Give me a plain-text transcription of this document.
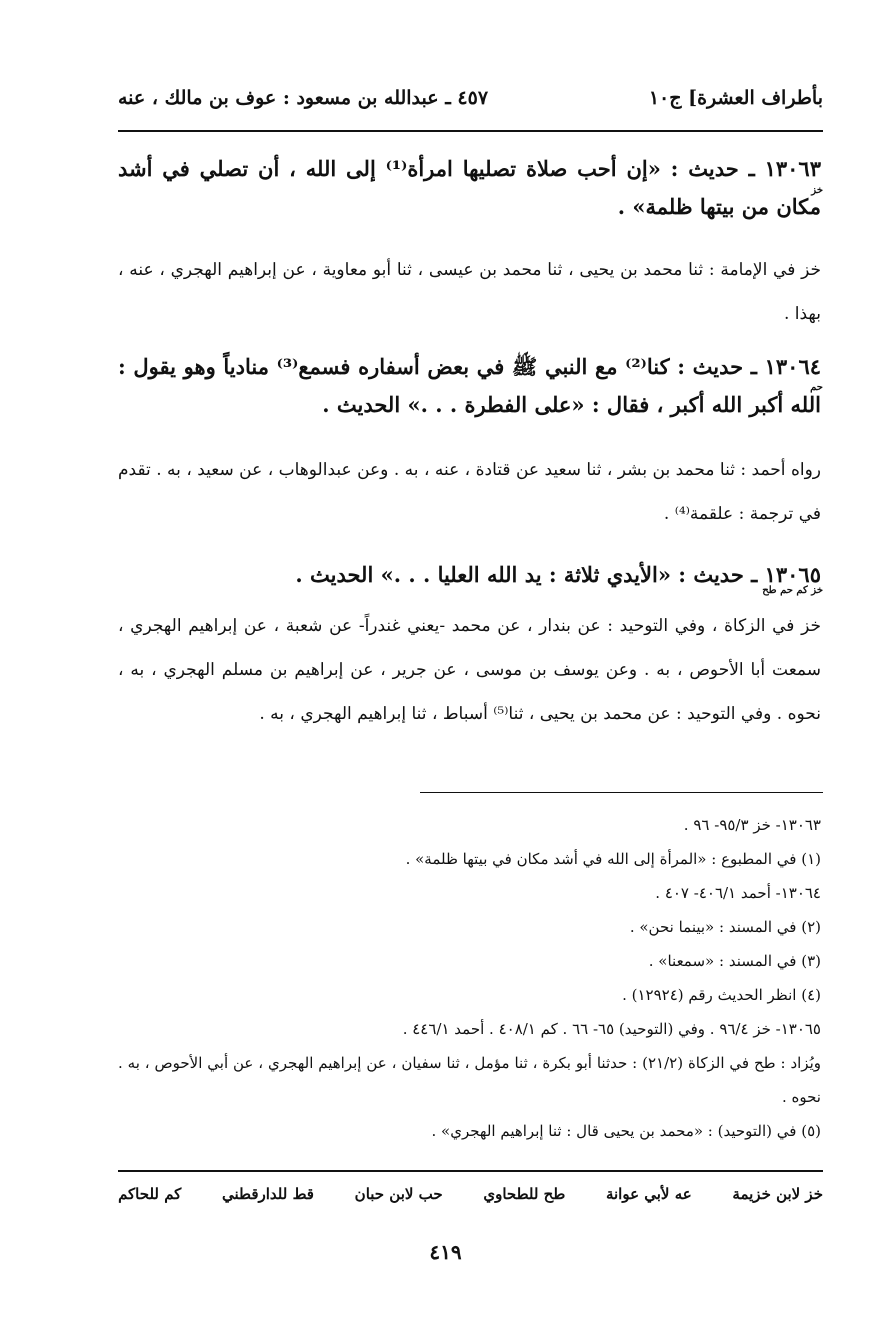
بأطراف العشرة] ج١٠
٤٥٧ ـ عبدالله بن مسعود : عوف بن مالك ، عنه
١٣٠٦٣ ـ حديث : «إن أحب صلاة تصليها امرأة⁽¹⁾ إلى الله ، أن تصلي في أشد مكان من بيتها ظلمة» .
خز
خز في الإمامة : ثنا محمد بن يحيى ، ثنا محمد بن عيسى ، ثنا أبو معاوية ، عن إبراهيم الهجري ، عنه ، بهذا .
١٣٠٦٤ ـ حديث : كنا⁽²⁾ مع النبي ﷺ في بعض أسفاره فسمع⁽³⁾ منادياً وهو يقول : الله أكبر الله أكبر ، فقال : «على الفطرة . . .» الحديث .
حم
رواه أحمد : ثنا محمد بن بشر ، ثنا سعيد عن قتادة ، عنه ، به . وعن عبدالوهاب ، عن سعيد ، به . تقدم في ترجمة : علقمة⁽⁴⁾ .
١٣٠٦٥ ـ حديث : «الأيدي ثلاثة : يد الله العليا . . .» الحديث .
خز كم حم طح
خز في الزكاة ، وفي التوحيد : عن بندار ، عن محمد -يعني غندراً- عن شعبة ، عن إبراهيم الهجري ، سمعت أبا الأحوص ، به . وعن يوسف بن موسى ، عن جرير ، عن إبراهيم بن مسلم الهجري ، به ، نحوه . وفي التوحيد : عن محمد بن يحيى ، ثنا⁽⁵⁾ أسباط ، ثنا إبراهيم الهجري ، به .
١٣٠٦٣- خز ٩٥/٣- ٩٦ .
(١) في المطبوع : «المرأة إلى الله في أشد مكان في بيتها ظلمة» .
١٣٠٦٤- أحمد ٤٠٦/١- ٤٠٧ .
(٢) في المسند : «بينما نحن» .
(٣) في المسند : «سمعنا» .
(٤) انظر الحديث رقم (١٢٩٢٤) .
١٣٠٦٥- خز ٩٦/٤ . وفي (التوحيد) ٦٥- ٦٦ . كم ٤٠٨/١ . أحمد ٤٤٦/١ .
ويُزاد : طح في الزكاة (٢١/٢) : حدثنا أبو بكرة ، ثنا مؤمل ، ثنا سفيان ، عن إبراهيم الهجري ، عن أبي الأحوص ، به . نحوه .
(٥) في (التوحيد) : «محمد بن يحيى قال : ثنا إبراهيم الهجري» .
خز لابن خزيمة
عه لأبي عوانة
طح للطحاوي
حب لابن حبان
قط للدارقطني
كم للحاكم
٤١٩
